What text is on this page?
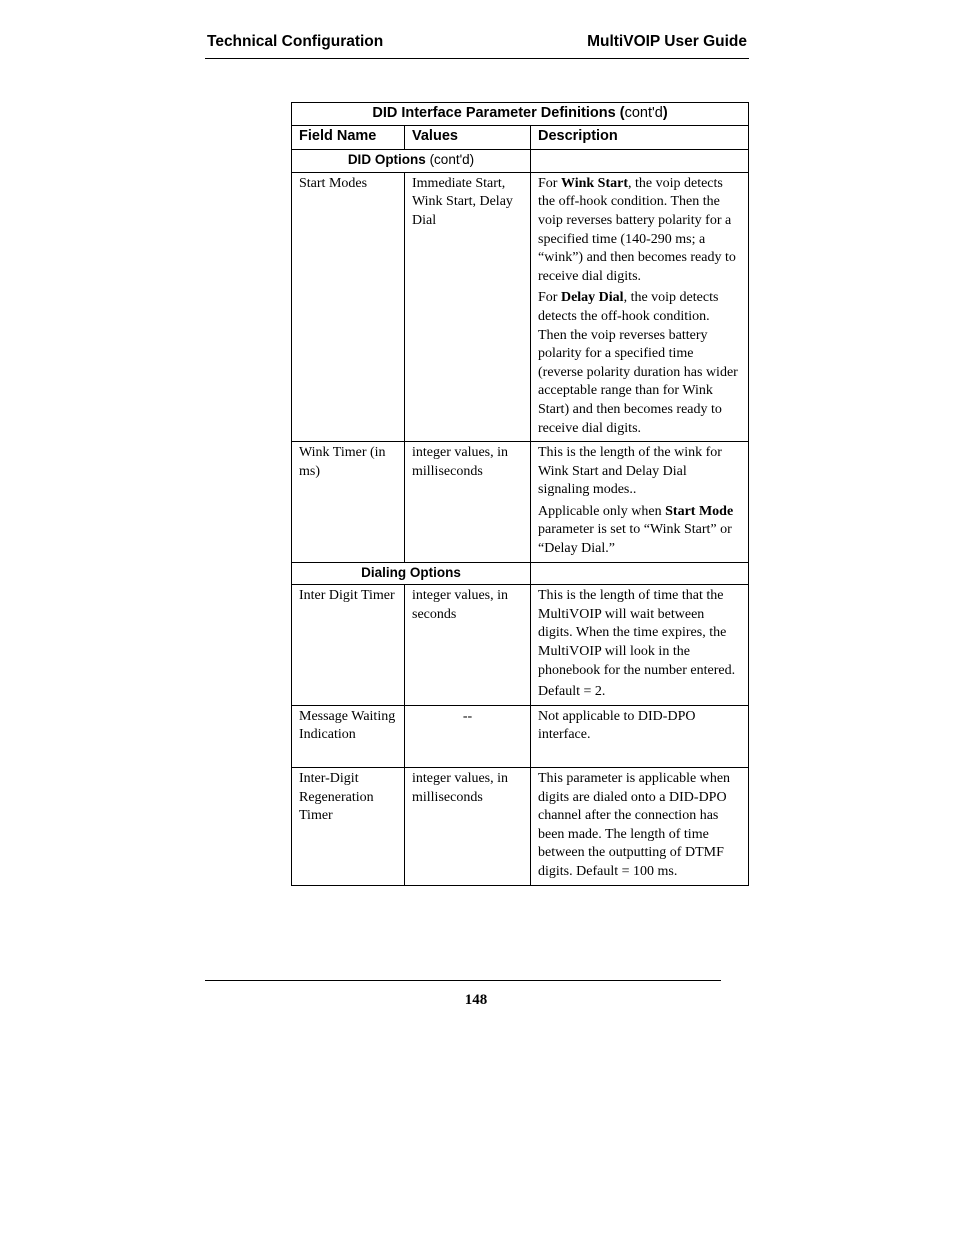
Technical Configuration	MultiVOIP User Guide
DID Interface Parameter Definitions (cont'd)		
Field Name	Values	Description
DID Options (cont'd)		
Start Modes	Immediate Start, Wink Start, Delay Dial	For Wink Start, the voip detects the off-hook condition. Then the voip reverses battery polarity for a specified time (140-290 ms; a “wink”) and then becomes ready to receive dial digits.

For Delay Dial, the voip detects detects the off-hook condition. Then the voip reverses battery polarity for a specified time (reverse polarity duration has wider acceptable range than for Wink Start) and then becomes ready to receive dial digits.

Wink Timer (in ms)	integer values, in milliseconds	This is the length of the wink for Wink Start and Delay Dial signaling modes..

Applicable only when Start Mode parameter is set to “Wink Start” or “Delay Dial.”

Dialing Options		
Inter Digit Timer	integer values, in seconds	This is the length of time that the MultiVOIP will wait between digits. When the time expires, the MultiVOIP will look in the phonebook for the number entered.

Default = 2.

Message Waiting Indication	--	Not applicable to DID-DPO interface.

Inter-Digit Regeneration Timer	integer values, in milliseconds	This parameter is applicable when digits are dialed onto a DID-DPO channel after the connection has been made. The length of time between the outputting of DTMF digits. Default = 100 ms.

148
